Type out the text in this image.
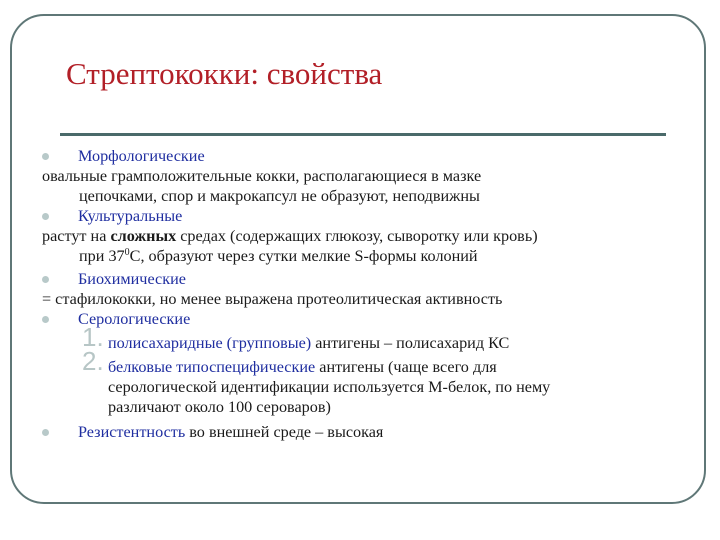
Стрептококки: свойства
Морфологические
овальные грамположительные кокки, располагающиеся в мазке
цепочками, спор и макрокапсул не образуют, неподвижны
Культуральные
растут на сложных средах (содержащих глюкозу, сыворотку или кровь)
при $37^0С$, образуют через сутки мелкие S-формы колоний
Биохимические
= стафилококки, но менее выражена протеолитическая активность
Серологические
1. полисахаридные (групповые) антигены – полисахарид КС
2. белковые типоспецифические антигены (чаще всего для
серологической идентификации используется М-белок, по нему
различают около 100 сероваров)
Резистентность во внешней среде – высокая
